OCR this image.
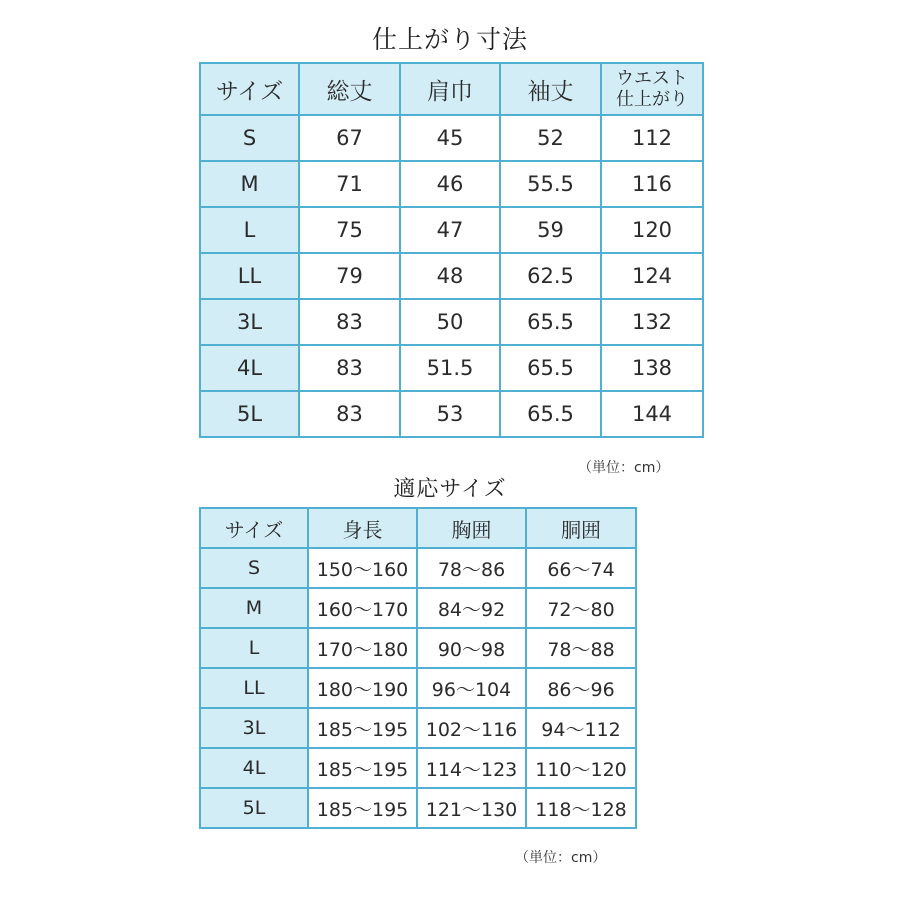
仕上がり寸法
サイズ	総丈	肩巾	袖丈	ウエスト
仕上がり
S	67	45	52	112
M	71	46	55.5	116
L	75	47	59	120
LL	79	48	62.5	124
3L	83	50	65.5	132
4L	83	51.5	65.5	138
5L	83	53	65.5	144
（単位：cm）
適応サイズ
サイズ	身長	胸囲	胴囲
S	150～160	78～86	66～74
M	160～170	84～92	72～80
L	170～180	90～98	78～88
LL	180～190	96～104	86～96
3L	185～195	102～116	94～112
4L	185～195	114～123	110～120
5L	185～195	121～130	118～128
（単位：cm）
